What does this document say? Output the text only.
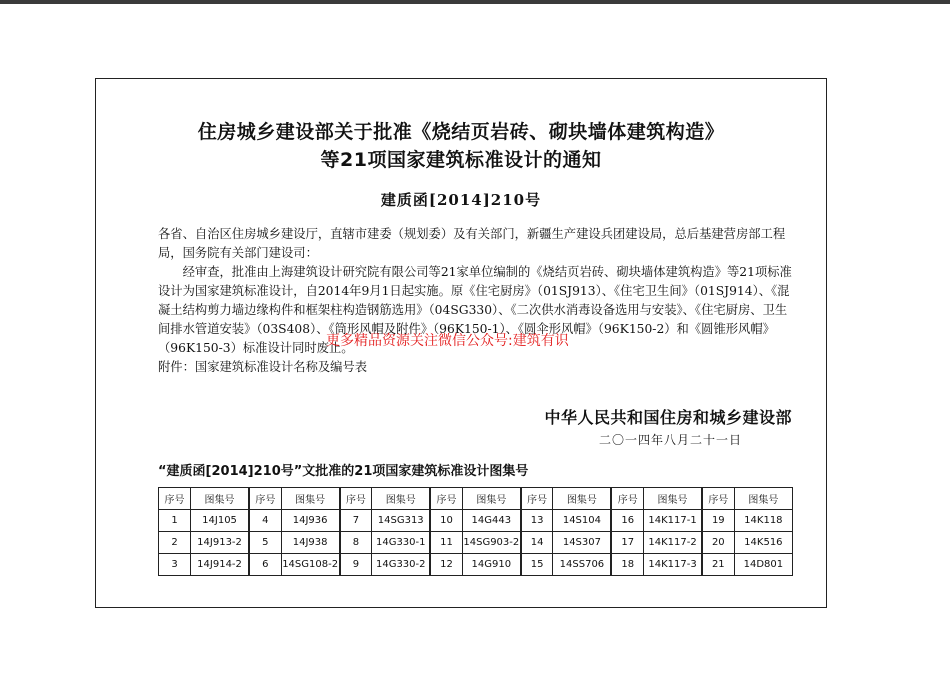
住房城乡建设部关于批准《烧结页岩砖、砌块墙体建筑构造》
等21项国家建筑标准设计的通知
建质函[2014]210号

各省、自治区住房城乡建设厅，直辖市建委（规划委）及有关部门，新疆生产建设兵团建设局，总后基建营房部工程局，国务院有关部门建设司：

经审查，批准由上海建筑设计研究院有限公司等21家单位编制的《烧结页岩砖、砌块墙体建筑构造》等21项标准设计为国家建筑标准设计，自2014年9月1日起实施。原《住宅厨房》（01SJ913）、《住宅卫生间》（01SJ914）、《混凝土结构剪力墙边缘构件和框架柱构造钢筋选用》（04SG330）、《二次供水消毒设备选用与安装》、《住宅厨房、卫生间排水管道安装》（03S408）、《筒形风帽及附件》（96K150-1）、《圆伞形风帽》（96K150-2）和《圆锥形风帽》（96K150-3）标准设计同时废止。

附件：国家建筑标准设计名称及编号表

更多精品资源关注微信公众号:建筑有识
中华人民共和国住房和城乡建设部
二〇一四年八月二十一日
“建质函[2014]210号”文批准的21项国家建筑标准设计图集号
序号	图集号	序号	图集号	序号	图集号	序号	图集号	序号	图集号	序号	图集号	序号	图集号
1	14J105	4	14J936	7	14SG313	10	14G443	13	14S104	16	14K117-1	19	14K118
2	14J913-2	5	14J938	8	14G330-1	11	14SG903-2	14	14S307	17	14K117-2	20	14K516
3	14J914-2	6	14SG108-2	9	14G330-2	12	14G910	15	14SS706	18	14K117-3	21	14D801
